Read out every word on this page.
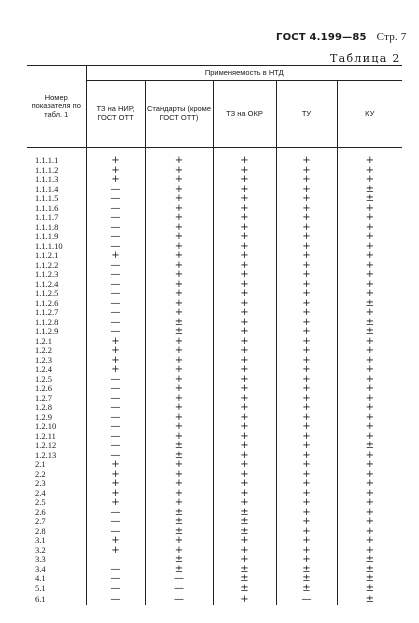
ГОСТ 4.199—85 Стр. 7
Таблица 2
Номер показателя по табл. 1	Применяемость в НТД				
	ТЗ на НИР, ГОСТ ОТТ	Стандарты (кроме ГОСТ ОТТ)	ТЗ на ОКР	ТУ	КУ

1.1.1.1	+	+	+	+	+
1.1.1.2	+	+	+	+	+
1.1.1.3	+	+	+	+	+
1.1.1.4	—	+	+	+	±
1.1.1.5	—	+	+	+	±
1.1.1.6	—	+	+	+	+
1.1.1.7	—	+	+	+	+
1.1.1.8	—	+	+	+	+
1.1.1.9	—	+	+	+	+
1.1.1.10	—	+	+	+	+
1.1.2.1	+	+	+	+	+
1.1.2.2	—	+	+	+	+
1.1.2.3	—	+	+	+	+
1.1.2.4	—	+	+	+	+
1.1.2.5	—	+	+	+	+
1.1.2.6	—	+	+	+	±
1.1.2.7	—	+	+	+	+
1.1.2.8	—	±	+	+	±
1.1.2.9	—	±	+	+	±
1.2.1	+	+	+	+	+
1.2.2	+	+	+	+	+
1.2.3	+	+	+	+	+
1.2.4	+	+	+	+	+
1.2.5	—	+	+	+	+
1.2.6	—	+	+	+	+
1.2.7	—	+	+	+	+
1.2.8	—	+	+	+	+
1.2.9	—	+	+	+	+
1.2.10	—	+	+	+	+
1.2.11	—	+	+	+	+
1.2.12	—	±	+	+	±
1.2.13	—	±	+	+	+
2.1	+	+	+	+	+
2.2	+	+	+	+	+
2.3	+	+	+	+	+
2.4	+	+	+	+	+
2.5	+	+	+	+	+
2.6	—	±	±	+	+
2.7	—	±	±	+	+
2.8	—	±	±	+	+
3.1	+	+	+	+	+
3.2	+	+	+	+	+
3.3		±	+	+	±
3.4	—	±	±	±	±
4.1	—	—	±	±	±
5.1	—	—	±	±	±
6.1	—	—	+	—	±
